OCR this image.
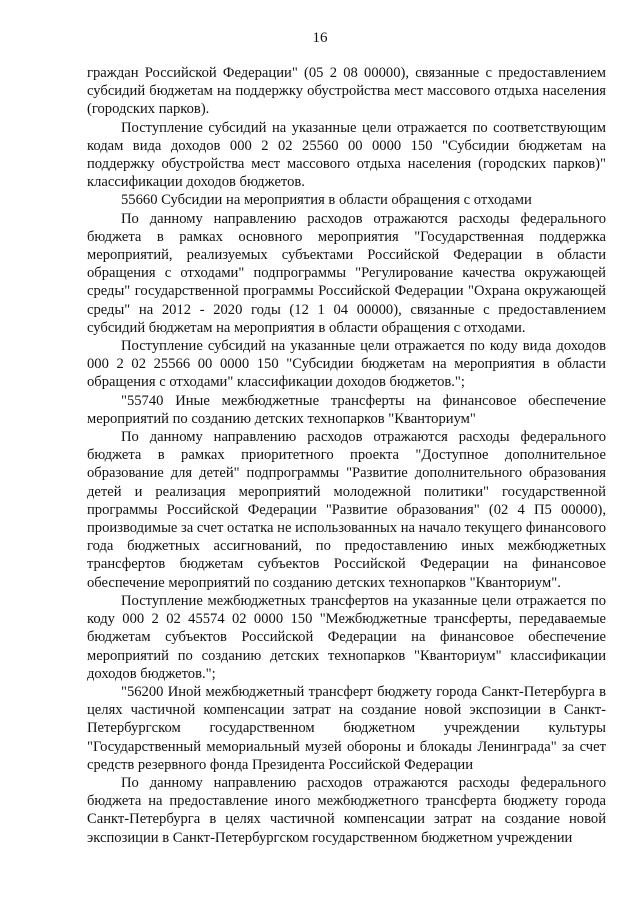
16

граждан Российской Федерации" (05 2 08 00000), связанные с предоставлением субсидий бюджетам на поддержку обустройства мест массового отдыха населения (городских парков).

Поступление субсидий на указанные цели отражается по соответствующим кодам вида доходов 000 2 02 25560 00 0000 150 "Субсидии бюджетам на поддержку обустройства мест массового отдыха населения (городских парков)" классификации доходов бюджетов.

55660 Субсидии на мероприятия в области обращения с отходами

По данному направлению расходов отражаются расходы федерального бюджета в рамках основного мероприятия "Государственная поддержка мероприятий, реализуемых субъектами Российской Федерации в области обращения с отходами" подпрограммы "Регулирование качества окружающей среды" государственной программы Российской Федерации "Охрана окружающей среды" на 2012 - 2020 годы (12 1 04 00000), связанные с предоставлением субсидий бюджетам на мероприятия в области обращения с отходами.

Поступление субсидий на указанные цели отражается по коду вида доходов 000 2 02 25566 00 0000 150 "Субсидии бюджетам на мероприятия в области обращения с отходами" классификации доходов бюджетов.";

"55740 Иные межбюджетные трансферты на финансовое обеспечение мероприятий по созданию детских технопарков "Кванториум"

По данному направлению расходов отражаются расходы федерального бюджета в рамках приоритетного проекта "Доступное дополнительное образование для детей" подпрограммы "Развитие дополнительного образования детей и реализация мероприятий молодежной политики" государственной программы Российской Федерации "Развитие образования" (02 4 П5 00000), производимые за счет остатка не использованных на начало текущего финансового года бюджетных ассигнований, по предоставлению иных межбюджетных трансфертов бюджетам субъектов Российской Федерации на финансовое обеспечение мероприятий по созданию детских технопарков "Кванториум".

Поступление межбюджетных трансфертов на указанные цели отражается по коду 000 2 02 45574 02 0000 150 "Межбюджетные трансферты, передаваемые бюджетам субъектов Российской Федерации на финансовое обеспечение мероприятий по созданию детских технопарков "Кванториум" классификации доходов бюджетов.";

"56200 Иной межбюджетный трансферт бюджету города Санкт-Петербурга в целях частичной компенсации затрат на создание новой экспозиции в Санкт-Петербургском государственном бюджетном учреждении культуры "Государственный мемориальный музей обороны и блокады Ленинграда" за счет средств резервного фонда Президента Российской Федерации

По данному направлению расходов отражаются расходы федерального бюджета на предоставление иного межбюджетного трансферта бюджету города Санкт-Петербурга в целях частичной компенсации затрат на создание новой экспозиции в Санкт-Петербургском государственном бюджетном учреждении
